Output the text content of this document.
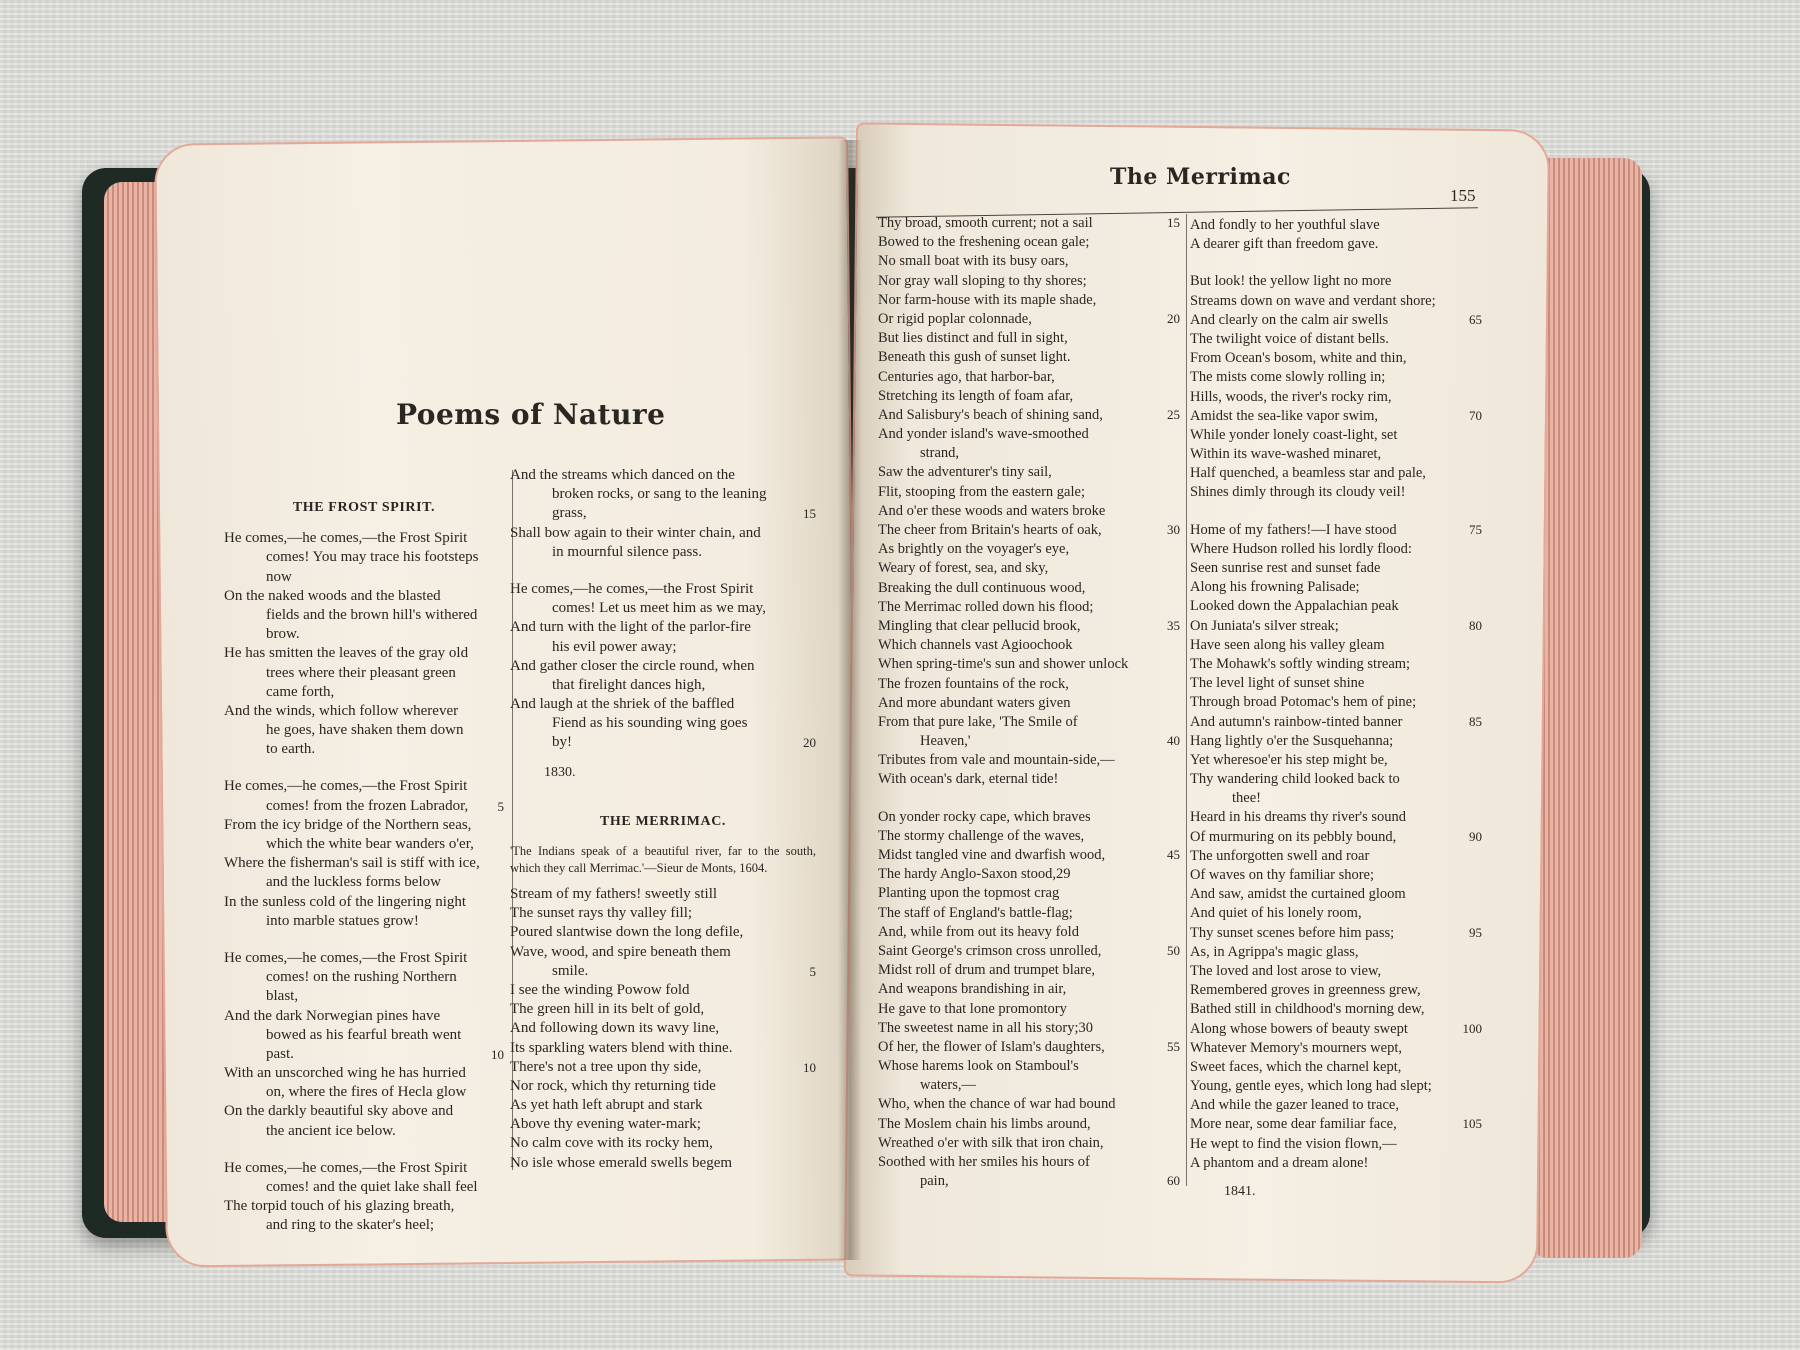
Poems of Nature
THE FROST SPIRIT.
He comes,—he comes,—the Frost Spirit
comes! You may trace his footsteps
now
On the naked woods and the blasted
fields and the brown hill's withered
brow.
He has smitten the leaves of the gray old
trees where their pleasant green
came forth,
And the winds, which follow wherever
he goes, have shaken them down
to earth.
He comes,—he comes,—the Frost Spirit
comes! from the frozen Labrador, 5
From the icy bridge of the Northern seas,
which the white bear wanders o'er,
Where the fisherman's sail is stiff with ice,
and the luckless forms below
In the sunless cold of the lingering night
into marble statues grow!
He comes,—he comes,—the Frost Spirit
comes! on the rushing Northern
blast,
And the dark Norwegian pines have
bowed as his fearful breath went
past.	10
With an unscorched wing he has hurried
on, where the fires of Hecla glow
On the darkly beautiful sky above and
the ancient ice below.
He comes,—he comes,—the Frost Spirit
comes! and the quiet lake shall feel
The torpid touch of his glazing breath,
and ring to the skater's heel;
And the streams which danced on the
broken rocks, or sang to the leaning
grass,	15
Shall bow again to their winter chain, and
in mournful silence pass.
He comes,—he comes,—the Frost Spirit
comes! Let us meet him as we may,
And turn with the light of the parlor-fire
his evil power away;
And gather closer the circle round, when
that firelight dances high,
And laugh at the shriek of the baffled
Fiend as his sounding wing goes
by!	20
1830.
THE MERRIMAC.
'The Indians speak of a beautiful river, far to the south, which they call Merrimac.'—Sieur de Monts, 1604.
Stream of my fathers! sweetly still
The sunset rays thy valley fill;
Poured slantwise down the long defile,
Wave, wood, and spire beneath them
smile.	5
I see the winding Powow fold
The green hill in its belt of gold,
And following down its wavy line,
Its sparkling waters blend with thine.
There's not a tree upon thy side,	10
Nor rock, which thy returning tide
As yet hath left abrupt and stark
Above thy evening water-mark;
No calm cove with its rocky hem,
No isle whose emerald swells begem
The Merrimac
155
Thy broad, smooth current; not a sail	15
Bowed to the freshening ocean gale;
No small boat with its busy oars,
Nor gray wall sloping to thy shores;
Nor farm-house with its maple shade,
Or rigid poplar colonnade,	20
But lies distinct and full in sight,
Beneath this gush of sunset light.
Centuries ago, that harbor-bar,
Stretching its length of foam afar,
And Salisbury's beach of shining sand,	25
And yonder island's wave-smoothed
strand,
Saw the adventurer's tiny sail,
Flit, stooping from the eastern gale;
And o'er these woods and waters broke
The cheer from Britain's hearts of oak,	30
As brightly on the voyager's eye,
Weary of forest, sea, and sky,
Breaking the dull continuous wood,
The Merrimac rolled down his flood;
Mingling that clear pellucid brook,	35
Which channels vast Agioochook
When spring-time's sun and shower unlock
The frozen fountains of the rock,
And more abundant waters given
From that pure lake, 'The Smile of
Heaven,'	40
Tributes from vale and mountain-side,—
With ocean's dark, eternal tide!
On yonder rocky cape, which braves
The stormy challenge of the waves,
Midst tangled vine and dwarfish wood,	45
The hardy Anglo-Saxon stood,29
Planting upon the topmost crag
The staff of England's battle-flag;
And, while from out its heavy fold
Saint George's crimson cross unrolled,	50
Midst roll of drum and trumpet blare,
And weapons brandishing in air,
He gave to that lone promontory
The sweetest name in all his story;30
Of her, the flower of Islam's daughters,	55
Whose harems look on Stamboul's
waters,—
Who, when the chance of war had bound
The Moslem chain his limbs around,
Wreathed o'er with silk that iron chain,
Soothed with her smiles his hours of
pain,	60
And fondly to her youthful slave
A dearer gift than freedom gave.
But look! the yellow light no more
Streams down on wave and verdant shore;
And clearly on the calm air swells	65
The twilight voice of distant bells.
From Ocean's bosom, white and thin,
The mists come slowly rolling in;
Hills, woods, the river's rocky rim,
Amidst the sea-like vapor swim,	70
While yonder lonely coast-light, set
Within its wave-washed minaret,
Half quenched, a beamless star and pale,
Shines dimly through its cloudy veil!
Home of my fathers!—I have stood	75
Where Hudson rolled his lordly flood:
Seen sunrise rest and sunset fade
Along his frowning Palisade;
Looked down the Appalachian peak
On Juniata's silver streak;	80
Have seen along his valley gleam
The Mohawk's softly winding stream;
The level light of sunset shine
Through broad Potomac's hem of pine;
And autumn's rainbow-tinted banner	85
Hang lightly o'er the Susquehanna;
Yet wheresoe'er his step might be,
Thy wandering child looked back to
thee!
Heard in his dreams thy river's sound
Of murmuring on its pebbly bound,	90
The unforgotten swell and roar
Of waves on thy familiar shore;
And saw, amidst the curtained gloom
And quiet of his lonely room,
Thy sunset scenes before him pass;	95
As, in Agrippa's magic glass,
The loved and lost arose to view,
Remembered groves in greenness grew,
Bathed still in childhood's morning dew,
Along whose bowers of beauty swept	100
Whatever Memory's mourners wept,
Sweet faces, which the charnel kept,
Young, gentle eyes, which long had slept;
And while the gazer leaned to trace,
More near, some dear familiar face,	105
He wept to find the vision flown,—
A phantom and a dream alone!
1841.
